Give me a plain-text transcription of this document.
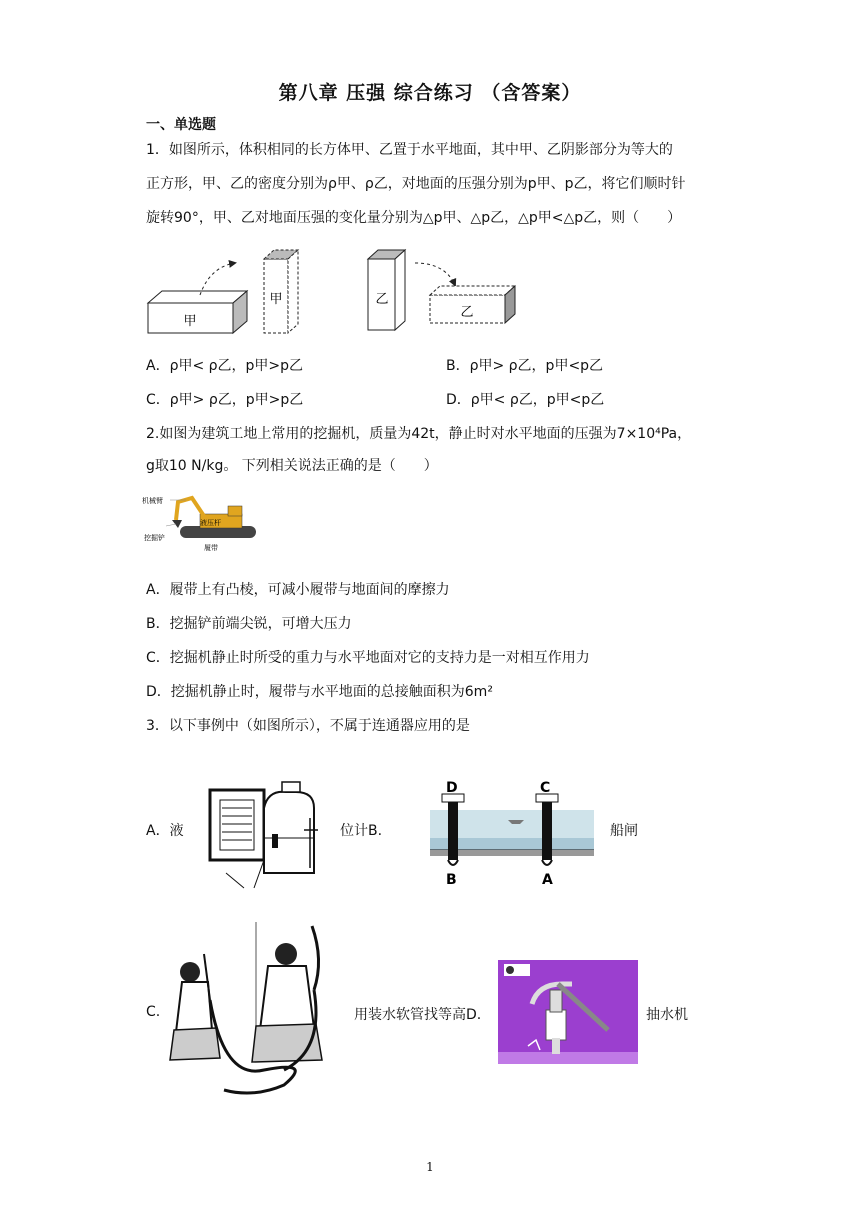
第八章 压强 综合练习 （含答案）
一、单选题
1．如图所示，体积相同的长方体甲、乙置于水平地面，其中甲、乙阴影部分为等大的
正方形，甲、乙的密度分别为ρ甲、ρ乙，对地面的压强分别为p甲、p乙，将它们顺时针
旋转90°，甲、乙对地面压强的变化量分别为△p甲、△p乙，△p甲<△p乙，则（　　）
甲
甲	乙
乙
A．ρ甲< ρ乙，p甲>p乙	B．ρ甲> ρ乙，p甲<p乙
C．ρ甲> ρ乙，p甲>p乙	D．ρ甲< ρ乙，p甲<p乙
2.如图为建筑工地上常用的挖掘机，质量为42t，静止时对水平地面的压强为7×10⁴Pa，
g取10 N/kg。 下列相关说法正确的是（　　）
机械臂
液压杆
挖掘铲
履带
A．履带上有凸棱，可减小履带与地面间的摩擦力
B．挖掘铲前端尖锐，可增大压力
C．挖掘机静止时所受的重力与水平地面对它的支持力是一对相互作用力
D．挖掘机静止时，履带与水平地面的总接触面积为6m²
3．以下事例中（如图所示），不属于连通器应用的是
A．液	位计B.
D	C
B	A
船闸
C.	用装水软管找等高D.	抽水机
1
